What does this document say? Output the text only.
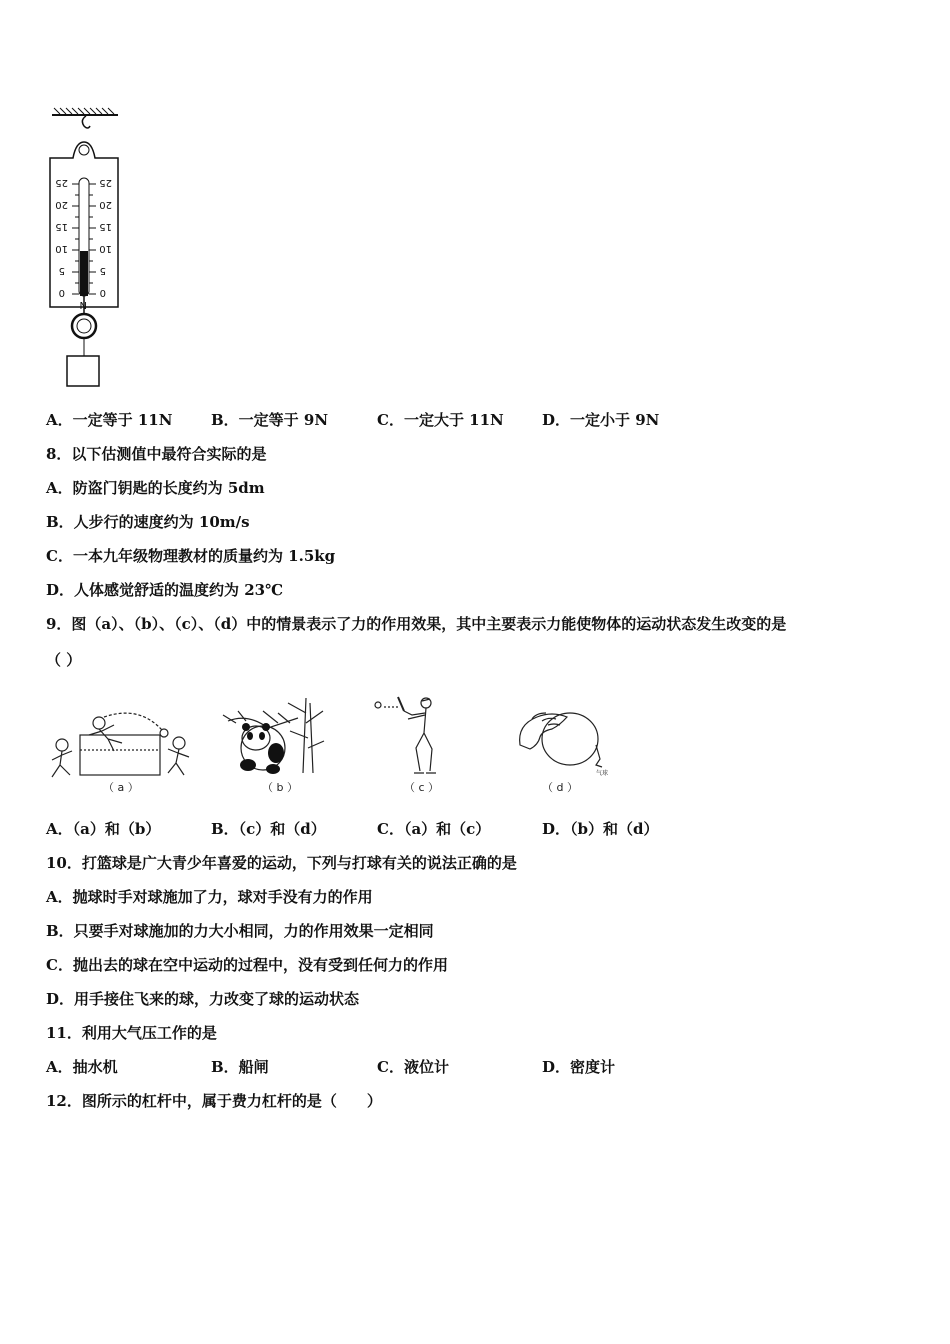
25
20
15
10
5
0
25
20
15
10
5
0
N
A．一定等于 11N	B．一定等于 9N	C．一定大于 11N	D．一定小于 9N
8．以下估测值中最符合实际的是
A．防盗门钥匙的长度约为 5dm
B．人步行的速度约为 10m/s
C．一本九年级物理教材的质量约为 1.5kg
D．人体感觉舒适的温度约为 23℃
9．图（a）、（b）、（c）、（d）中的情景表示了力的作用效果，其中主要表示力能使物体的运动状态发生改变的是
（ ）
（ a ）	（ b ）	（ c ）
气球
（ d ）
A．（a）和（b）	B．（c）和（d）	C．（a）和（c）	D．（b）和（d）
10．打篮球是广大青少年喜爱的运动，下列与打球有关的说法正确的是
A．抛球时手对球施加了力，球对手没有力的作用
B．只要手对球施加的力大小相同，力的作用效果一定相同
C．抛出去的球在空中运动的过程中，没有受到任何力的作用
D．用手接住飞来的球，力改变了球的运动状态
11．利用大气压工作的是
A．抽水机	B．船闸	C．液位计	D．密度计
12．图所示的杠杆中，属于费力杠杆的是（　　）
